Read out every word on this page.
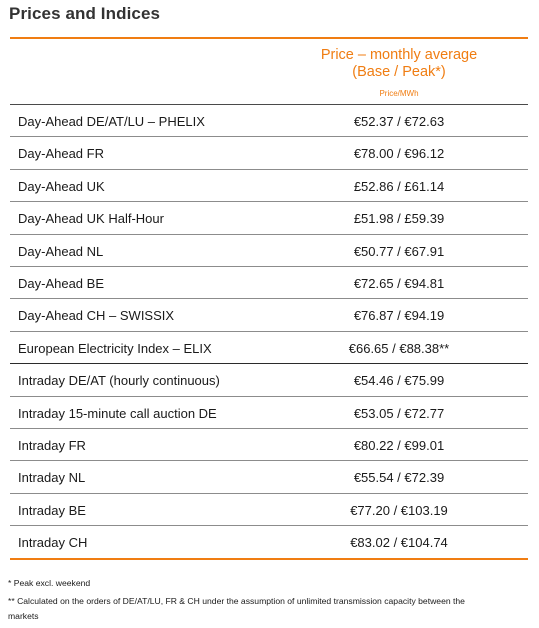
Prices and Indices
Price – monthly average
(Base / Peak*)
Price/MWh
Day-Ahead DE/AT/LU – PHELIX	€52.37 / €72.63
Day-Ahead FR	€78.00 / €96.12
Day-Ahead UK	£52.86 / £61.14
Day-Ahead UK Half-Hour	£51.98 / £59.39
Day-Ahead NL	€50.77 / €67.91
Day-Ahead BE	€72.65 / €94.81
Day-Ahead CH – SWISSIX	€76.87 / €94.19
European Electricity Index – ELIX	€66.65 / €88.38**
Intraday DE/AT (hourly continuous)	€54.46 / €75.99
Intraday 15-minute call auction DE	€53.05 / €72.77
Intraday FR	€80.22 / €99.01
Intraday NL	€55.54 / €72.39
Intraday BE	€77.20 / €103.19
Intraday CH	€83.02 / €104.74
* Peak excl. weekend
** Calculated on the orders of DE/AT/LU, FR & CH under the assumption of unlimited transmission capacity between the
markets
